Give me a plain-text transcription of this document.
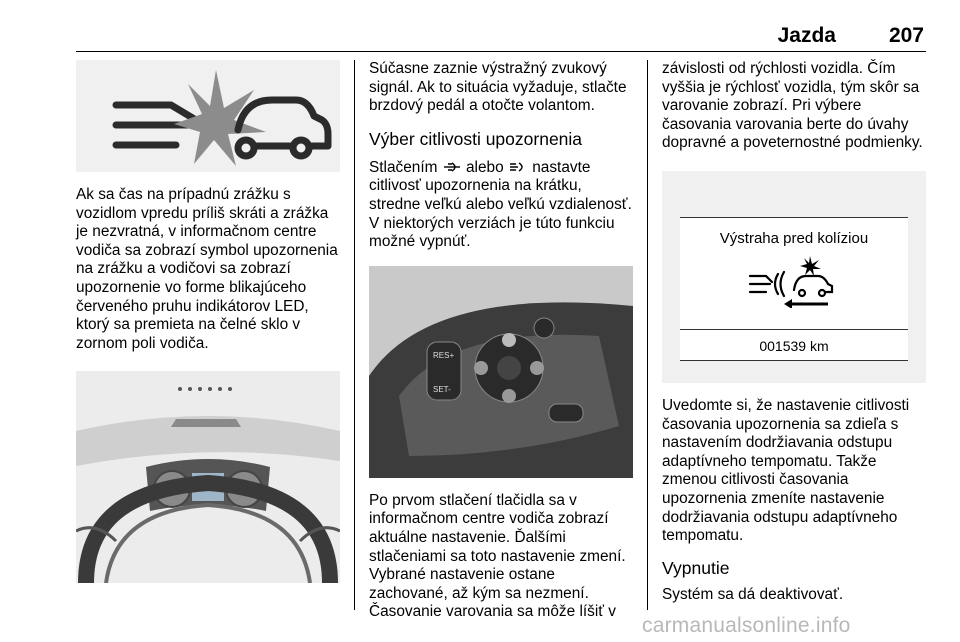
Jazda	207

Ak sa čas na prípadnú zrážku s vozidlom vpredu príliš skráti a zrážka je nezvratná, v informačnom centre vodiča sa zobrazí symbol upozornenia na zrážku a vodičovi sa zobrazí upozornenie vo forme blikajúceho červeného pruhu indikátorov LED, ktorý sa premieta na čelné sklo v zornom poli vodiča.

Súčasne zaznie výstražný zvukový signál. Ak to situácia vyžaduje, stlačte brzdový pedál a otočte volantom.

Výber citlivosti upozornenia

Stlačením alebo nastavte citlivosť upozornenia na krátku, stredne veľkú alebo veľkú vzdialenosť. V niektorých verziách je túto funkciu možné vypnúť.

RES+
SET-

Po prvom stlačení tlačidla sa v informačnom centre vodiča zobrazí aktuálne nastavenie. Ďalšími stlačeniami sa toto nastavenie zmení. Vybrané nastavenie ostane zachované, až kým sa nezmení. Časovanie varovania sa môže líšiť v

závislosti od rýchlosti vozidla. Čím vyššia je rýchlosť vozidla, tým skôr sa varovanie zobrazí. Pri výbere časovania varovania berte do úvahy dopravné a poveternostné podmienky.

Výstraha pred kolíziou
001539 km

Uvedomte si, že nastavenie citlivosti časovania upozornenia sa zdieľa s nastavením dodržiavania odstupu adaptívneho tempomatu. Takže zmenou citlivosti časovania upozornenia zmeníte nastavenie dodržiavania odstupu adaptívneho tempomatu.

Vypnutie

Systém sa dá deaktivovať.

carmanualsonline.info
